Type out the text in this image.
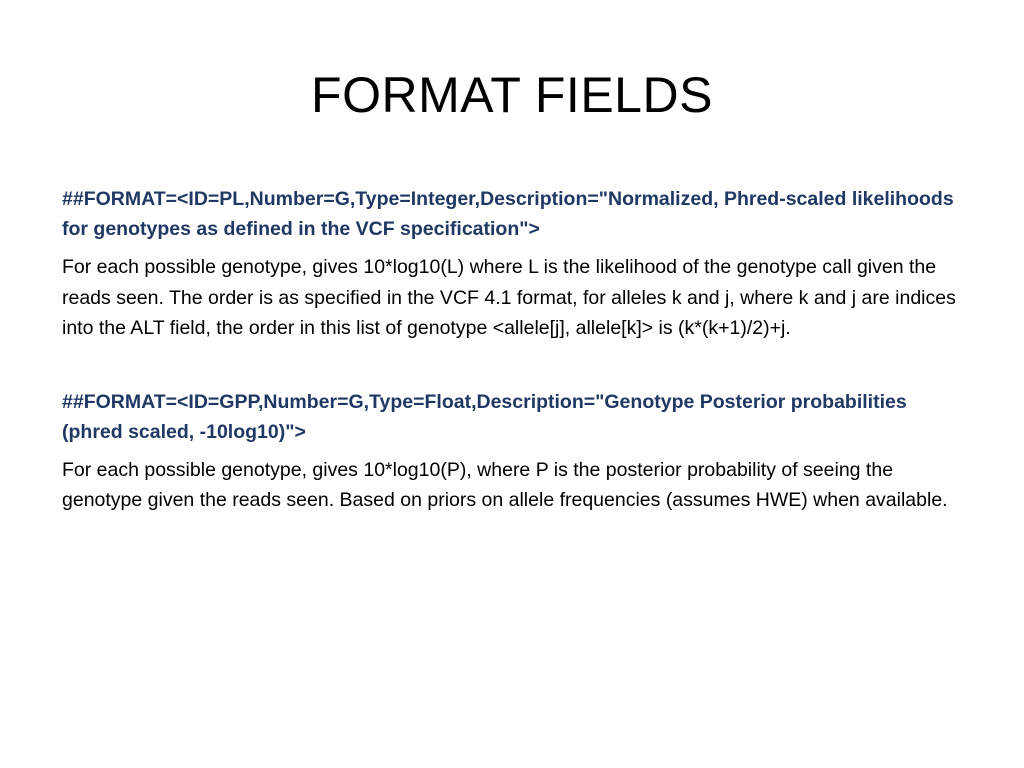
FORMAT FIELDS

##FORMAT=<ID=PL,Number=G,Type=Integer,Description="Normalized, Phred-scaled likelihoods for genotypes as defined in the VCF specification">

For each possible genotype, gives 10*log10(L) where L is the likelihood of the genotype call given the reads seen. The order is as specified in the VCF 4.1 format, for alleles k and j, where k and j are indices into the ALT field, the order in this list of genotype <allele[j], allele[k]> is (k*(k+1)/2)+j.

##FORMAT=<ID=GPP,Number=G,Type=Float,Description="Genotype Posterior probabilities (phred scaled, -10log10)">

For each possible genotype, gives 10*log10(P), where P is the posterior probability of seeing the genotype given the reads seen. Based on priors on allele frequencies (assumes HWE) when available.
